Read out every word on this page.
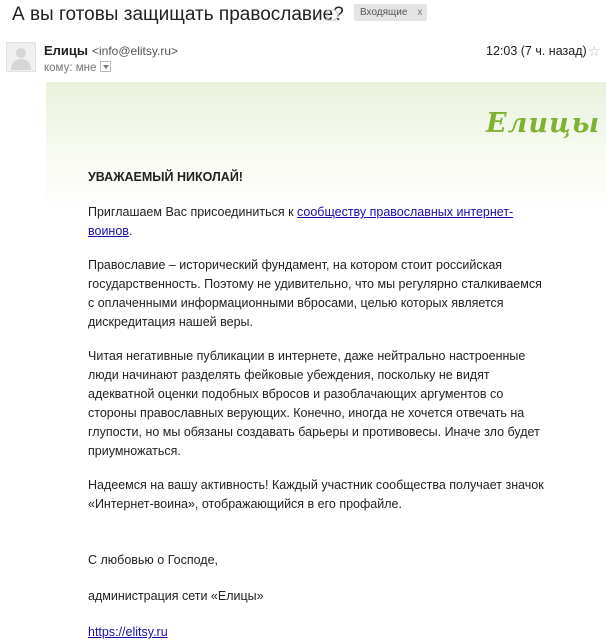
А вы готовы защищать православие?	Входящие x
Елицы <info@elitsy.ru>
кому: мне
12:03 (7 ч. назад) ☆
Елицы
УВАЖАЕМЫЙ НИКОЛАЙ!
Приглашаем Вас присоединиться к сообществу православных интернет-воинов.
Православие – исторический фундамент, на котором стоит российская государственность. Поэтому не удивительно, что мы регулярно сталкиваемся с оплаченными информационными вбросами, целью которых является дискредитация нашей веры.
Читая негативные публикации в интернете, даже нейтрально настроенные люди начинают разделять фейковые убеждения, поскольку не видят адекватной оценки подобных вбросов и разоблачающих аргументов со стороны православных верующих. Конечно, иногда не хочется отвечать на глупости, но мы обязаны создавать барьеры и противовесы. Иначе зло будет приумножаться.
Надеемся на вашу активность! Каждый участник сообщества получает значок «Интернет-воина», отображающийся в его профайле.
С любовью о Господе,
администрация сети «Елицы»
https://elitsy.ru
